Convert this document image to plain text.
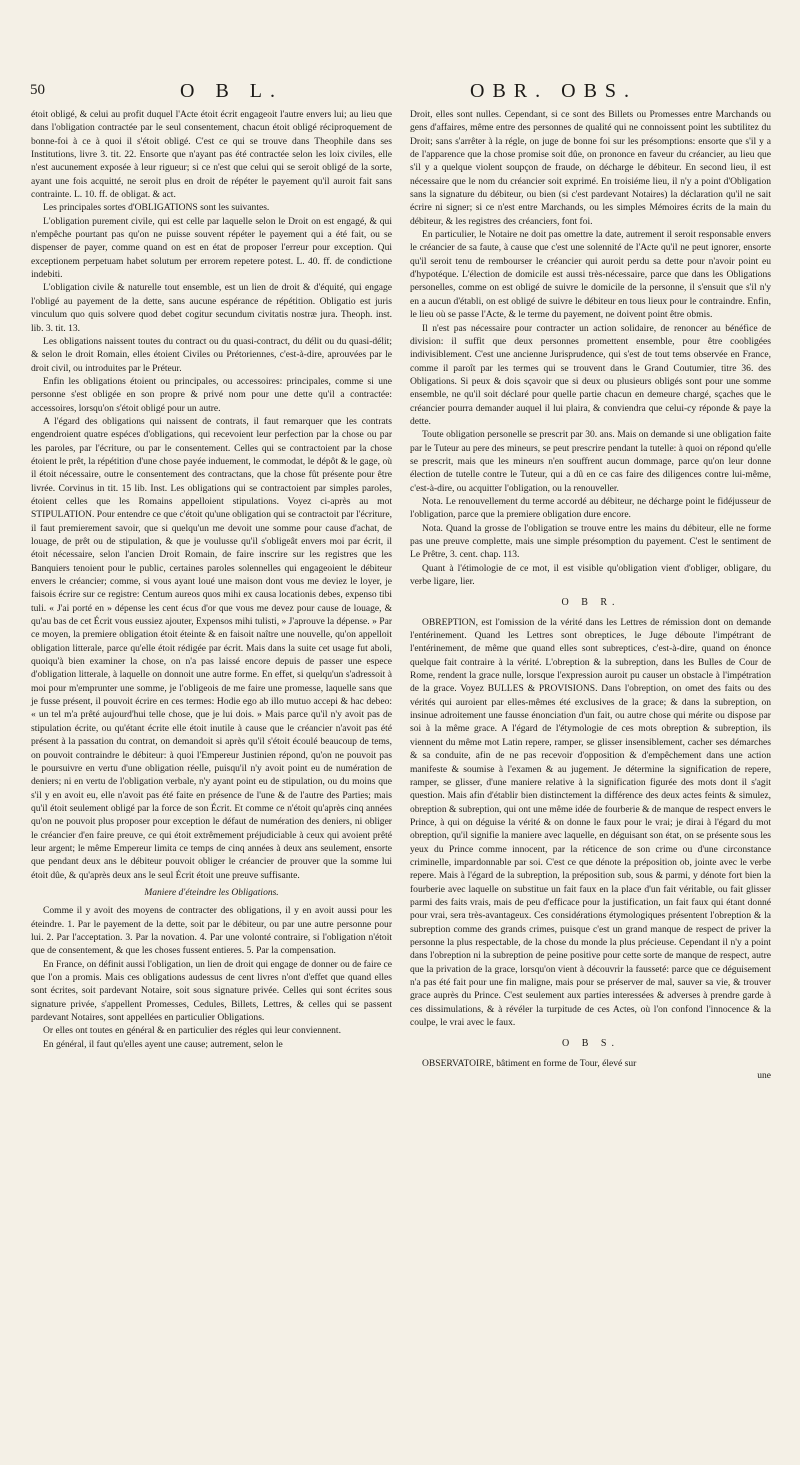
50	O B L.	OBR. OBS.

étoit obligé, & celui au profit duquel l'Acte étoit écrit engageoit l'autre envers lui; au lieu que dans l'obligation contractée par le seul consentement, chacun étoit obligé réciproquement de bonne-foi à ce à quoi il s'étoit obligé. C'est ce qui se trouve dans Theophile dans ses Institutions, livre 3. tit. 22. Ensorte que n'ayant pas été contractée selon les loix civiles, elle n'est aucunement exposée à leur rigueur; si ce n'est que celui qui se seroit obligé de la sorte, ayant une fois acquitté, ne seroit plus en droit de répéter le payement qu'il auroit fait sans contrainte. L. 10. ff. de obligat. & act.

Les principales sortes d'OBLIGATIONS sont les suivantes.

L'obligation purement civile, qui est celle par laquelle selon le Droit on est engagé, & qui n'empêche pourtant pas qu'on ne puisse souvent répéter le payement qui a été fait, ou se dispenser de payer, comme quand on est en état de proposer l'erreur pour exception. Qui exceptionem perpetuam habet solutum per errorem repetere potest. L. 40. ff. de condictione indebiti.

L'obligation civile & naturelle tout ensemble, est un lien de droit & d'équité, qui engage l'obligé au payement de la dette, sans aucune espérance de répétition. Obligatio est juris vinculum quo quis solvere quod debet cogitur secundum civitatis nostræ jura. Theoph. inst. lib. 3. tit. 13.

Les obligations naissent toutes du contract ou du quasi-contract, du délit ou du quasi-délit; & selon le droit Romain, elles étoient Civiles ou Prétoriennes, c'est-à-dire, aprouvées par le droit civil, ou introduites par le Préteur.

Enfin les obligations étoient ou principales, ou accessoires: principales, comme si une personne s'est obligée en son propre & privé nom pour une dette qu'il a contractée: accessoires, lorsqu'on s'étoit obligé pour un autre.

A l'égard des obligations qui naissent de contrats, il faut remarquer que les contrats engendroient quatre espéces d'obligations, qui recevoient leur perfection par la chose ou par les paroles, par l'écriture, ou par le consentement. Celles qui se contractoient par la chose étoient le prêt, la répétition d'une chose payée induement, le commodat, le dépôt & le gage, où il étoit nécessaire, outre le consentement des contractans, que la chose fût présente pour être livrée. Corvinus in tit. 15 lib. Inst. Les obligations qui se contractoient par simples paroles, étoient celles que les Romains appelloient stipulations. Voyez ci-après au mot STIPULATION. Pour entendre ce que c'étoit qu'une obligation qui se contractoit par l'écriture, il faut premierement savoir, que si quelqu'un me devoit une somme pour cause d'achat, de louage, de prêt ou de stipulation, & que je voulusse qu'il s'obligeât envers moi par écrit, il étoit nécessaire, selon l'ancien Droit Romain, de faire inscrire sur les registres que les Banquiers tenoient pour le public, certaines paroles solennelles qui engageoient le débiteur envers le créancier; comme, si vous ayant loué une maison dont vous me deviez le loyer, je faisois écrire sur ce registre: Centum aureos quos mihi ex causa locationis debes, expenso tibi tuli. « J'ai porté en » dépense les cent écus d'or que vous me devez pour cause de louage, & qu'au bas de cet Écrit vous eussiez ajouter, Expensos mihi tulisti, » J'aprouve la dépense. » Par ce moyen, la premiere obligation étoit éteinte & en faisoit naître une nouvelle, qu'on appelloit obligation litterale, parce qu'elle étoit rédigée par écrit. Mais dans la suite cet usage fut aboli, quoiqu'à bien examiner la chose, on n'a pas laissé encore depuis de passer une espece d'obligation litterale, à laquelle on donnoit une autre forme. En effet, si quelqu'un s'adressoit à moi pour m'emprunter une somme, je l'obligeois de me faire une promesse, laquelle sans que je fusse présent, il pouvoit écrire en ces termes: Hodie ego ab illo mutuo accepi & hac debeo: « un tel m'a prêté aujourd'hui telle chose, que je lui dois. » Mais parce qu'il n'y avoit pas de stipulation écrite, ou qu'étant écrite elle étoit inutile à cause que le créancier n'avoit pas été présent à la passation du contrat, on demandoit si après qu'il s'étoit écoulé beaucoup de tems, on pouvoit contraindre le débiteur: à quoi l'Empereur Justinien répond, qu'on ne pouvoit pas le poursuivre en vertu d'une obligation réelle, puisqu'il n'y avoit point eu de numération de deniers; ni en vertu de l'obligation verbale, n'y ayant point eu de stipulation, ou du moins que s'il y en avoit eu, elle n'avoit pas été faite en présence de l'une & de l'autre des Parties; mais qu'il étoit seulement obligé par la force de son Écrit. Et comme ce n'étoit qu'après cinq années qu'on ne pouvoit plus proposer pour exception le défaut de numération des deniers, ni obliger le créancier d'en faire preuve, ce qui étoit extrêmement préjudiciable à ceux qui avoient prêté leur argent; le même Empereur limita ce temps de cinq années à deux ans seulement, ensorte que pendant deux ans le débiteur pouvoit obliger le créancier de prouver que la somme lui étoit dûe, & qu'après deux ans le seul Écrit étoit une preuve suffisante.

Maniere d'éteindre les Obligations.

Comme il y avoit des moyens de contracter des obligations, il y en avoit aussi pour les éteindre. 1. Par le payement de la dette, soit par le débiteur, ou par une autre personne pour lui. 2. Par l'acceptation. 3. Par la novation. 4. Par une volonté contraire, si l'obligation n'étoit que de consentement, & que les choses fussent entieres. 5. Par la compensation.

En France, on définit aussi l'obligation, un lien de droit qui engage de donner ou de faire ce que l'on a promis. Mais ces obligations audessus de cent livres n'ont d'effet que quand elles sont écrites, soit pardevant Notaire, soit sous signature privée. Celles qui sont écrites sous signature privée, s'appellent Promesses, Cedules, Billets, Lettres, & celles qui se passent pardevant Notaires, sont appellées en particulier Obligations.

Or elles ont toutes en général & en particulier des régles qui leur conviennent.

En général, il faut qu'elles ayent une cause; autrement, selon le

Droit, elles sont nulles. Cependant, si ce sont des Billets ou Promesses entre Marchands ou gens d'affaires, même entre des personnes de qualité qui ne connoissent point les subtilitez du Droit; sans s'arrêter à la régle, on juge de bonne foi sur les présomptions: ensorte que s'il y a de l'apparence que la chose promise soit dûe, on prononce en faveur du créancier, au lieu que s'il y a quelque violent soupçon de fraude, on décharge le débiteur. En second lieu, il est nécessaire que le nom du créancier soit exprimé. En troisiéme lieu, il n'y a point d'Obligation sans la signature du débiteur, ou bien (si c'est pardevant Notaires) la déclaration qu'il ne sait écrire ni signer; si ce n'est entre Marchands, ou les simples Mémoires écrits de la main du débiteur, & les registres des créanciers, font foi.

En particulier, le Notaire ne doit pas omettre la date, autrement il seroit responsable envers le créancier de sa faute, à cause que c'est une solennité de l'Acte qu'il ne peut ignorer, ensorte qu'il seroit tenu de rembourser le créancier qui auroit perdu sa dette pour n'avoir point eu d'hypotéque. L'élection de domicile est aussi très-nécessaire, parce que dans les Obligations personelles, comme on est obligé de suivre le domicile de la personne, il s'ensuit que s'il n'y en a aucun d'établi, on est obligé de suivre le débiteur en tous lieux pour le contraindre. Enfin, le lieu où se passe l'Acte, & le terme du payement, ne doivent point être obmis.

Il n'est pas nécessaire pour contracter un action solidaire, de renoncer au bénéfice de division: il suffit que deux personnes promettent ensemble, pour être coobligées indivisiblement. C'est une ancienne Jurisprudence, qui s'est de tout tems observée en France, comme il paroît par les termes qui se trouvent dans le Grand Coutumier, titre 36. des Obligations. Si peux & dois sçavoir que si deux ou plusieurs obligés sont pour une somme ensemble, ne qu'il soit déclaré pour quelle partie chacun en demeure chargé, sçaches que le créancier pourra demander auquel il lui plaira, & conviendra que celui-cy réponde & paye la dette.

Toute obligation personelle se prescrit par 30. ans. Mais on demande si une obligation faite par le Tuteur au pere des mineurs, se peut prescrire pendant la tutelle: à quoi on répond qu'elle se prescrit, mais que les mineurs n'en souffrent aucun dommage, parce qu'on leur donne élection de tutelle contre le Tuteur, qui a dû en ce cas faire des diligences contre lui-même, c'est-à-dire, ou acquitter l'obligation, ou la renouveller.

Nota. Le renouvellement du terme accordé au débiteur, ne décharge point le fidéjusseur de l'obligation, parce que la premiere obligation dure encore.

Nota. Quand la grosse de l'obligation se trouve entre les mains du débiteur, elle ne forme pas une preuve complette, mais une simple présomption du payement. C'est le sentiment de Le Prêtre, 3. cent. chap. 113.

Quant à l'étimologie de ce mot, il est visible qu'obligation vient d'obliger, obligare, du verbe ligare, lier.

O B R.

OBREPTION, est l'omission de la vérité dans les Lettres de rémission dont on demande l'entérinement. Quand les Lettres sont obreptices, le Juge déboute l'impétrant de l'entérinement, de même que quand elles sont subreptices, c'est-à-dire, quand on énonce quelque fait contraire à la vérité. L'obreption & la subreption, dans les Bulles de Cour de Rome, rendent la grace nulle, lorsque l'expression auroit pu causer un obstacle à l'impétration de la grace. Voyez BULLES & PROVISIONS. Dans l'obreption, on omet des faits ou des vérités qui auroient par elles-mêmes été exclusives de la grace; & dans la subreption, on insinue adroitement une fausse énonciation d'un fait, ou autre chose qui mérite ou dispose par soi à la même grace. A l'égard de l'étymologie de ces mots obreption & subreption, ils viennent du même mot Latin repere, ramper, se glisser insensiblement, cacher ses démarches & sa conduite, afin de ne pas recevoir d'opposition & d'empêchement dans une action manifeste & soumise à l'examen & au jugement. Je détermine la signification de repere, ramper, se glisser, d'une maniere relative à la signification figurée des mots dont il s'agit question. Mais afin d'établir bien distinctement la différence des deux actes feints & simulez, obreption & subreption, qui ont une même idée de fourberie & de manque de respect envers le Prince, à qui on déguise la vérité & on donne le faux pour le vrai; je dirai à l'égard du mot obreption, qu'il signifie la maniere avec laquelle, en déguisant son état, on se présente sous les yeux du Prince comme innocent, par la réticence de son crime ou d'une circonstance criminelle, impardonnable par soi. C'est ce que dénote la préposition ob, jointe avec le verbe repere. Mais à l'égard de la subreption, la préposition sub, sous & parmi, y dénote fort bien la fourberie avec laquelle on substitue un fait faux en la place d'un fait véritable, ou fait glisser parmi des faits vrais, mais de peu d'efficace pour la justification, un fait faux qui étant donné pour vrai, sera très-avantageux. Ces considérations étymologiques présentent l'obreption & la subreption comme des grands crimes, puisque c'est un grand manque de respect de priver la personne la plus respectable, de la chose du monde la plus précieuse. Cependant il n'y a point dans l'obreption ni la subreption de peine positive pour cette sorte de manque de respect, autre que la privation de la grace, lorsqu'on vient à découvrir la fausseté: parce que ce déguisement n'a pas été fait pour une fin maligne, mais pour se préserver de mal, sauver sa vie, & trouver grace auprès du Prince. C'est seulement aux parties interessées & adverses à prendre garde à ces dissimulations, & à révéler la turpitude de ces Actes, où l'on confond l'innocence & la coulpe, le vrai avec le faux.

O B S.

OBSERVATOIRE, bâtiment en forme de Tour, élevé sur

une
